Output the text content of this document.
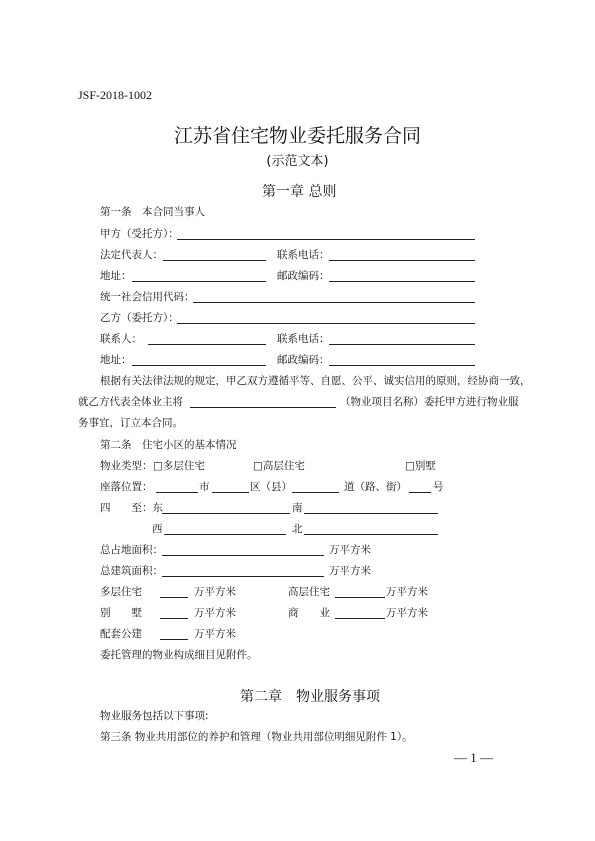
JSF-2018-1002
江苏省住宅物业委托服务合同
(示范文本)
第一章 总则
第一条　本合同当事人
甲方（受托方）：
法定代表人：	联系电话：
地址：	邮政编码：
统一社会信用代码：
乙方（委托方）：
联系人：	联系电话：
地址：	邮政编码：
根据有关法律法规的规定，甲乙双方遵循平等、自愿、公平、诚实信用的原则，经协商一致，
就乙方代表全体业主将	（物业项目名称）委托甲方进行物业服
务事宜，订立本合同。
第二条　住宅小区的基本情况
物业类型： □多层住宅	□高层住宅	□别墅
座落位置：	市	区（县）	道（路、街） 号
四　　至：东	南
西	北
总占地面积：	万平方米
总建筑面积：	万平方米
多层住宅	万平方米	高层住宅	万平方米
别　　墅	万平方米	商　　业	万平方米
配套公建	万平方米
委托管理的物业构成细目见附件。
第二章　物业服务事项
物业服务包括以下事项:
第三条 物业共用部位的养护和管理（物业共用部位明细见附件 1）。
— 1 —
